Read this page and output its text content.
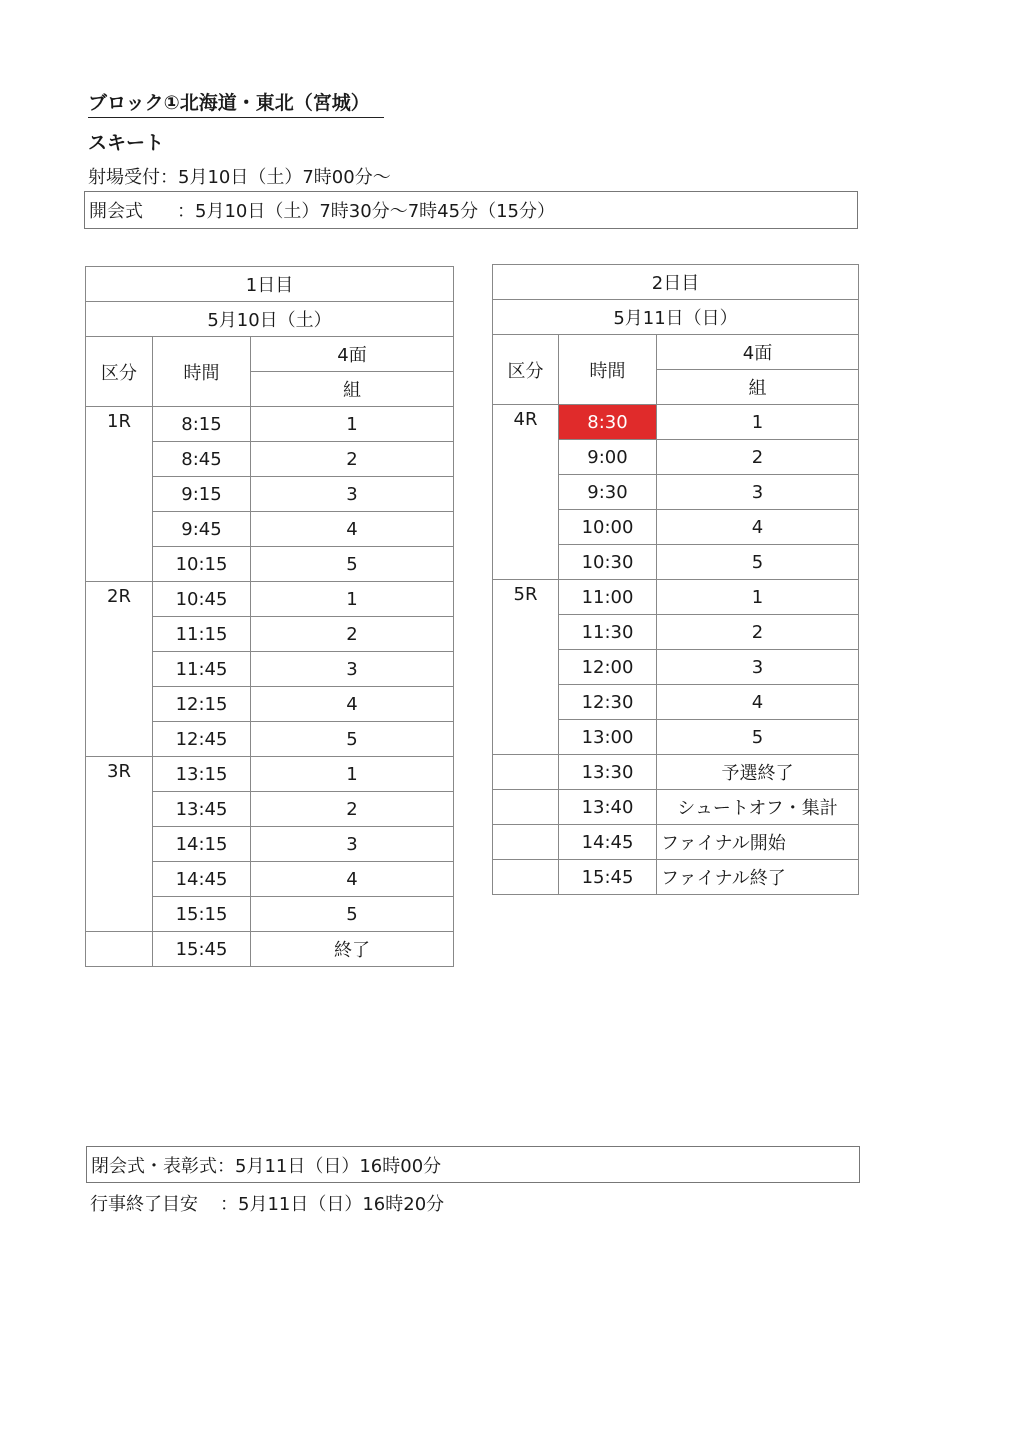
ブロック①北海道・東北（宮城）
スキート
射場受付：5月10日（土）7時00分～
開会式 ：5月10日（土）7時30分～7時45分（15分）
1日目		
5月10日（土）		
区分	時間	4面
		組
1R	8:15	1
	8:45	2
	9:15	3
	9:45	4
	10:15	5
2R	10:45	1
	11:15	2
	11:45	3
	12:15	4
	12:45	5
3R	13:15	1
	13:45	2
	14:15	3
	14:45	4
	15:15	5
	15:45	終了
2日目		
5月11日（日）		
区分	時間	4面
		組
4R	8:30	1
	9:00	2
	9:30	3
	10:00	4
	10:30	5
5R	11:00	1
	11:30	2
	12:00	3
	12:30	4
	13:00	5
	13:30	予選終了
	13:40	シュートオフ・集計
	14:45	ファイナル開始
	15:45	ファイナル終了
閉会式・表彰式： 5月11日（日）16時00分
行事終了目安 ：5月11日（日）16時20分
